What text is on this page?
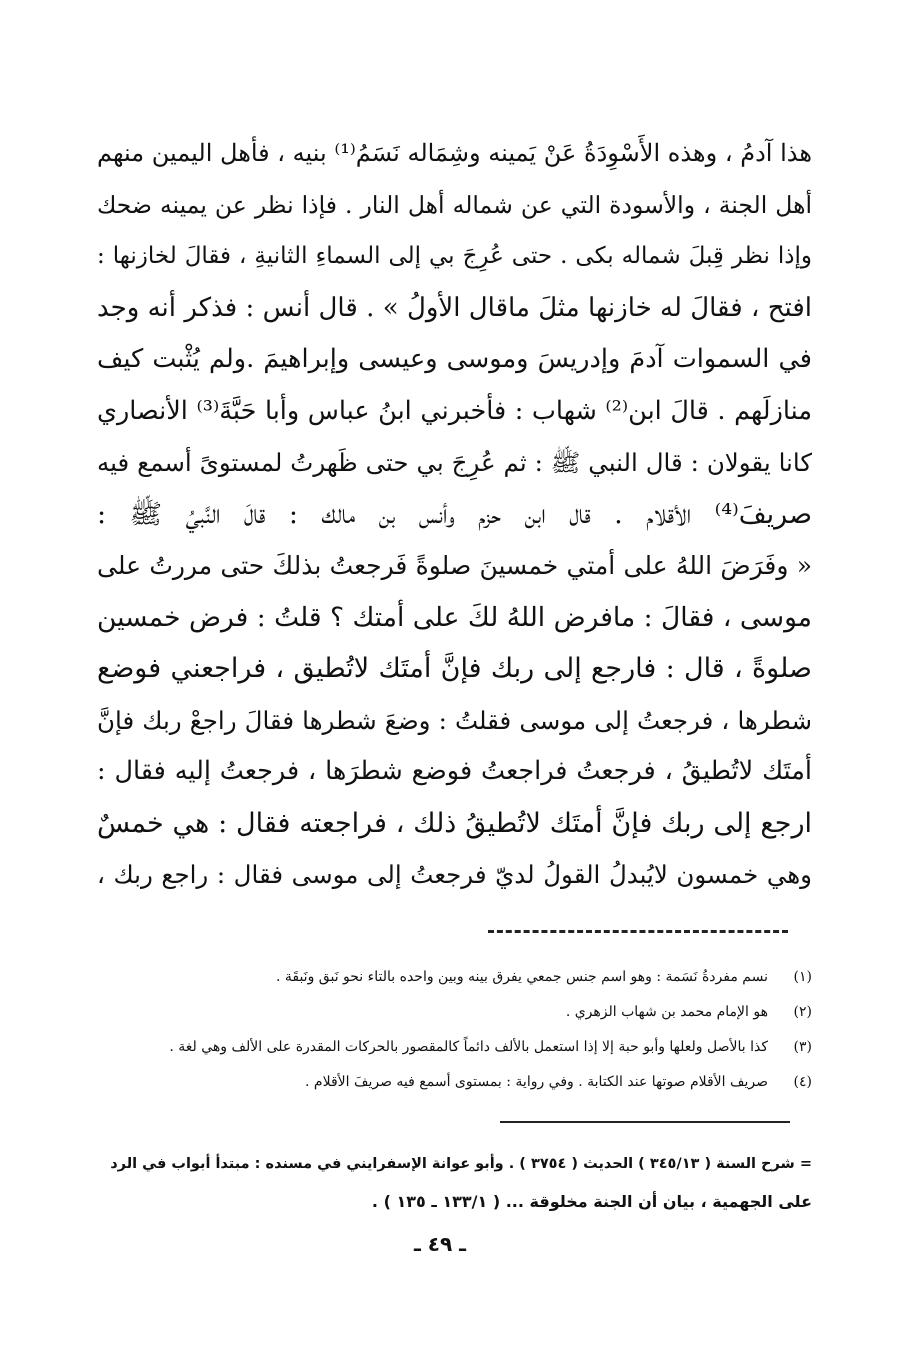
هذا آدمُ ، وهذه الأَسْوِدَةُ عَنْ يَمينه وشِمَاله نَسَمُ⁽¹⁾ بنيه ، فأهل اليمين منهم
أهل الجنة ، والأسودة التي عن شماله أهل النار . فإذا نظر عن يمينه ضحك
وإذا نظر قِبلَ شماله بكى . حتى عُرِجَ بي إلى السماءِ الثانيةِ ، فقالَ لخازنها :
افتح ، فقالَ له خازنها مثلَ ماقال الأولُ » . قال أنس : فذكر أنه وجد
في السموات آدمَ وإدريسَ وموسى وعيسى وإبراهيمَ .ولم يُثْبت كيف
منازلَهم . قالَ ابن⁽²⁾ شهاب : فأخبرني ابنُ عباس وأبا حَبَّةَ⁽³⁾ الأنصاري
كانا يقولان : قال النبي ﷺ : ثم عُرِجَ بي حتى ظَهرتُ لمستوىً أسمع فيه
صريفَ⁽⁴⁾ الأقلام . قال ابن حزم وأنس بن مالك : قالَ النَّبيُ ﷺ :
« وفَرَضَ اللهُ على أمتي خمسينَ صلوةً فَرجعتُ بذلكَ حتى مررتُ على
موسى ، فقالَ : مافرض اللهُ لكَ على أمتك ؟ قلتُ : فرض خمسين
صلوةً ، قال : فارجع إلى ربك فإنَّ أمتَك لاتُطيق ، فراجعني فوضع
شطرها ، فرجعتُ إلى موسى فقلتُ : وضعَ شطرها فقالَ راجعْ ربك فإنَّ
أمتَك لاتُطيقُ ، فرجعتُ فراجعتُ فوضع شطرَها ، فرجعتُ إليه فقال :
ارجع إلى ربك فإنَّ أمتَك لاتُطيقُ ذلك ، فراجعته فقال : هي خمسٌ
وهي خمسون لايُبدلُ القولُ لديّ فرجعتُ إلى موسى فقال : راجع ربك ،
(١)
نسم مفردةُ نَسَمة : وهو اسم جنس جمعي يفرق بينه وبين واحده بالتاء نحو نَبق ونَبقَة .
(٢)
هو الإمام محمد بن شهاب الزهري .
(٣)
كذا بالأصل ولعلها وأبو حبة إلا إذا استعمل بالألف دائماً كالمقصور بالحركات المقدرة على الألف وهي لغة .
(٤)
صريف الأقلام صوتها عند الكتابة . وفي رواية : بمستوى أسمع فيه صريفَ الأقلام .
= شرح السنة ( ٣٤٥/١٣ ) الحديث ( ٣٧٥٤ ) . وأبو عوانة الإسفرايني في مسنده : مبتدأ أبواب في الرد
على الجهمية ، بيان أن الجنة مخلوقة ... ( ١٣٣/١ ـ ١٣٥ ) .
ـ ٤٩ ـ
